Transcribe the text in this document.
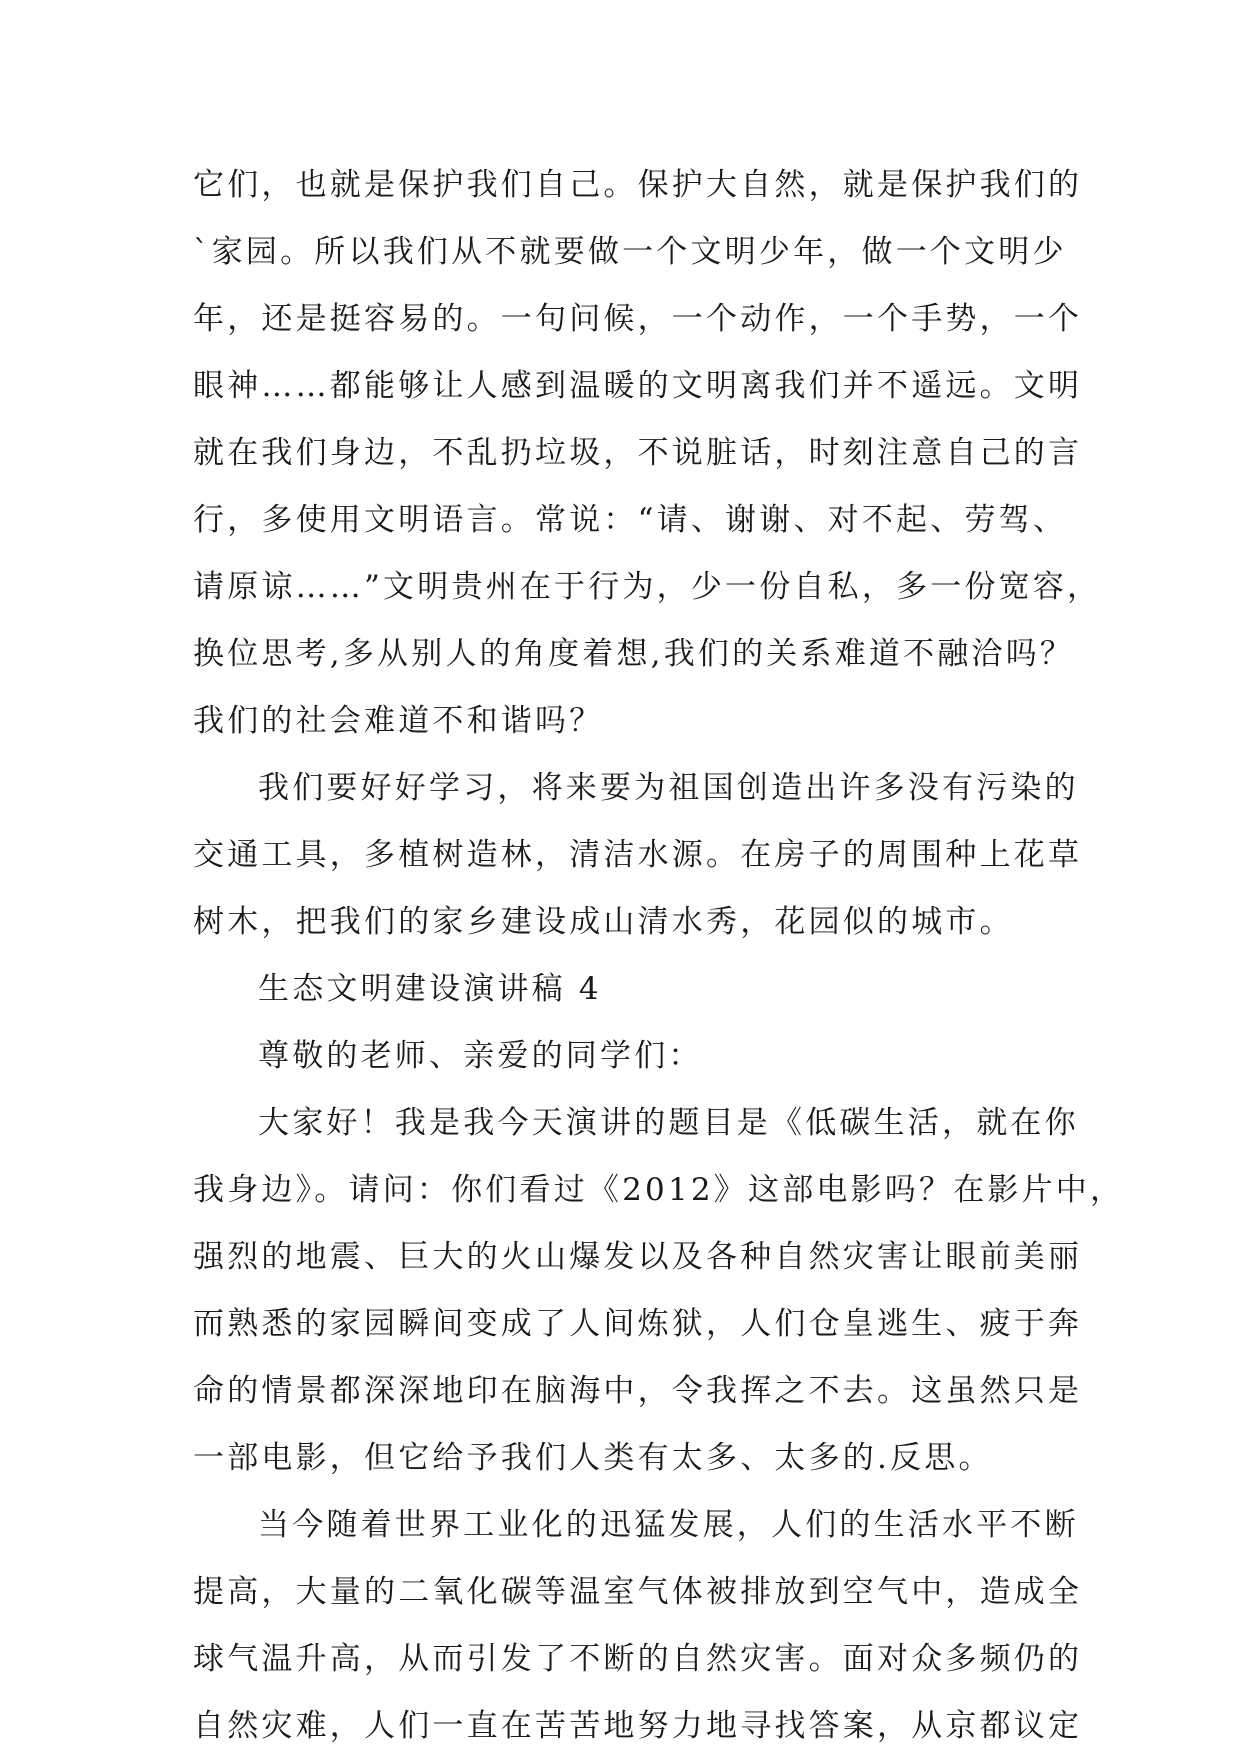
它们，也就是保护我们自己。保护大自然，就是保护我们的
`家园。所以我们从不就要做一个文明少年，做一个文明少
年，还是挺容易的。一句问候，一个动作，一个手势，一个
眼神……都能够让人感到温暖的文明离我们并不遥远。文明
就在我们身边，不乱扔垃圾，不说脏话，时刻注意自己的言
行，多使用文明语言。常说：“请、谢谢、对不起、劳驾、
请原谅……”文明贵州在于行为，少一份自私，多一份宽容，
换位思考,多从别人的角度着想,我们的关系难道不融洽吗？
我们的社会难道不和谐吗？
我们要好好学习，将来要为祖国创造出许多没有污染的
交通工具，多植树造林，清洁水源。在房子的周围种上花草
树木，把我们的家乡建设成山清水秀，花园似的城市。
生态文明建设演讲稿 4
尊敬的老师、亲爱的同学们：
大家好！我是我今天演讲的题目是《低碳生活，就在你
我身边》。请问：你们看过《2012》这部电影吗？在影片中，
强烈的地震、巨大的火山爆发以及各种自然灾害让眼前美丽
而熟悉的家园瞬间变成了人间炼狱，人们仓皇逃生、疲于奔
命的情景都深深地印在脑海中，令我挥之不去。这虽然只是
一部电影，但它给予我们人类有太多、太多的.反思。
当今随着世界工业化的迅猛发展，人们的生活水平不断
提高，大量的二氧化碳等温室气体被排放到空气中，造成全
球气温升高，从而引发了不断的自然灾害。面对众多频仍的
自然灾难，人们一直在苦苦地努力地寻找答案，从京都议定
